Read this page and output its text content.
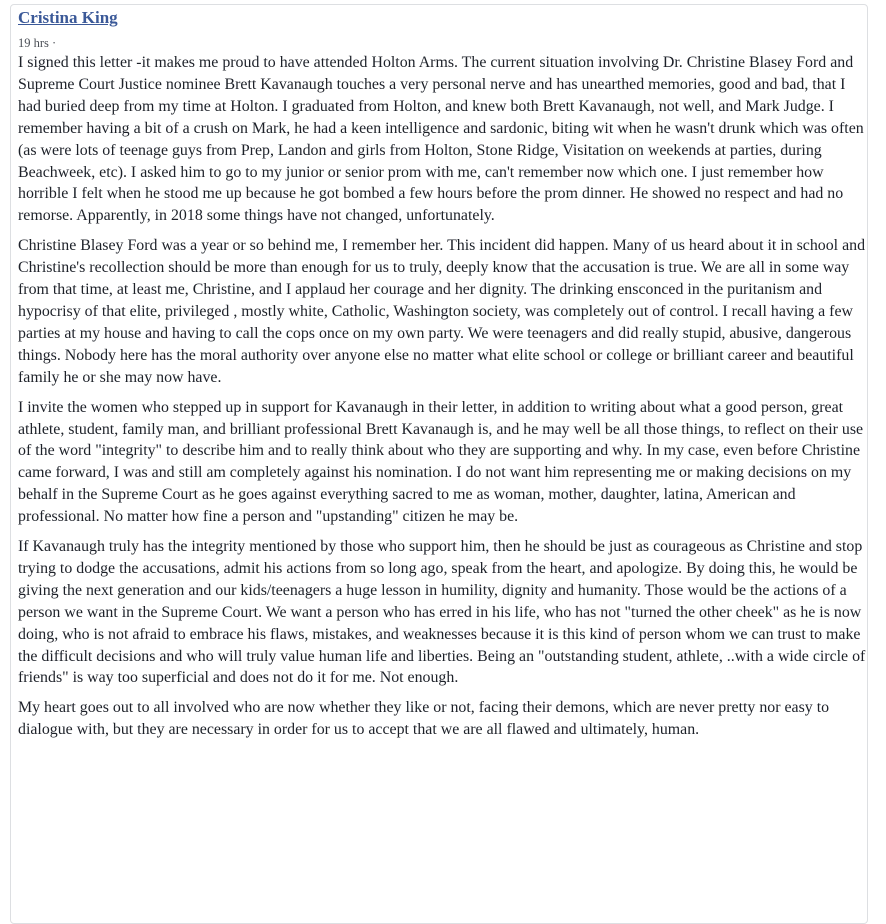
Cristina King
19 hrs ·

I signed this letter -it makes me proud to have attended Holton Arms. The current situation involving Dr. Christine Blasey Ford and Supreme Court Justice nominee Brett Kavanaugh touches a very personal nerve and has unearthed memories, good and bad, that I had buried deep from my time at Holton. I graduated from Holton, and knew both Brett Kavanaugh, not well, and Mark Judge. I remember having a bit of a crush on Mark, he had a keen intelligence and sardonic, biting wit when he wasn't drunk which was often (as were lots of teenage guys from Prep, Landon and girls from Holton, Stone Ridge, Visitation on weekends at parties, during Beachweek, etc). I asked him to go to my junior or senior prom with me, can't remember now which one. I just remember how horrible I felt when he stood me up because he got bombed a few hours before the prom dinner. He showed no respect and had no remorse. Apparently, in 2018 some things have not changed, unfortunately.

Christine Blasey Ford was a year or so behind me, I remember her. This incident did happen. Many of us heard about it in school and Christine's recollection should be more than enough for us to truly, deeply know that the accusation is true. We are all in some way from that time, at least me, Christine, and I applaud her courage and her dignity. The drinking ensconced in the puritanism and hypocrisy of that elite, privileged , mostly white, Catholic, Washington society, was completely out of control. I recall having a few parties at my house and having to call the cops once on my own party. We were teenagers and did really stupid, abusive, dangerous things. Nobody here has the moral authority over anyone else no matter what elite school or college or brilliant career and beautiful family he or she may now have.

I invite the women who stepped up in support for Kavanaugh in their letter, in addition to writing about what a good person, great athlete, student, family man, and brilliant professional Brett Kavanaugh is, and he may well be all those things, to reflect on their use of the word "integrity" to describe him and to really think about who they are supporting and why. In my case, even before Christine came forward, I was and still am completely against his nomination. I do not want him representing me or making decisions on my behalf in the Supreme Court as he goes against everything sacred to me as woman, mother, daughter, latina, American and professional. No matter how fine a person and "upstanding" citizen he may be.

If Kavanaugh truly has the integrity mentioned by those who support him, then he should be just as courageous as Christine and stop trying to dodge the accusations, admit his actions from so long ago, speak from the heart, and apologize. By doing this, he would be giving the next generation and our kids/teenagers a huge lesson in humility, dignity and humanity. Those would be the actions of a person we want in the Supreme Court. We want a person who has erred in his life, who has not "turned the other cheek" as he is now doing, who is not afraid to embrace his flaws, mistakes, and weaknesses because it is this kind of person whom we can trust to make the difficult decisions and who will truly value human life and liberties. Being an "outstanding student, athlete, ..with a wide circle of friends" is way too superficial and does not do it for me. Not enough.

My heart goes out to all involved who are now whether they like or not, facing their demons, which are never pretty nor easy to dialogue with, but they are necessary in order for us to accept that we are all flawed and ultimately, human.
